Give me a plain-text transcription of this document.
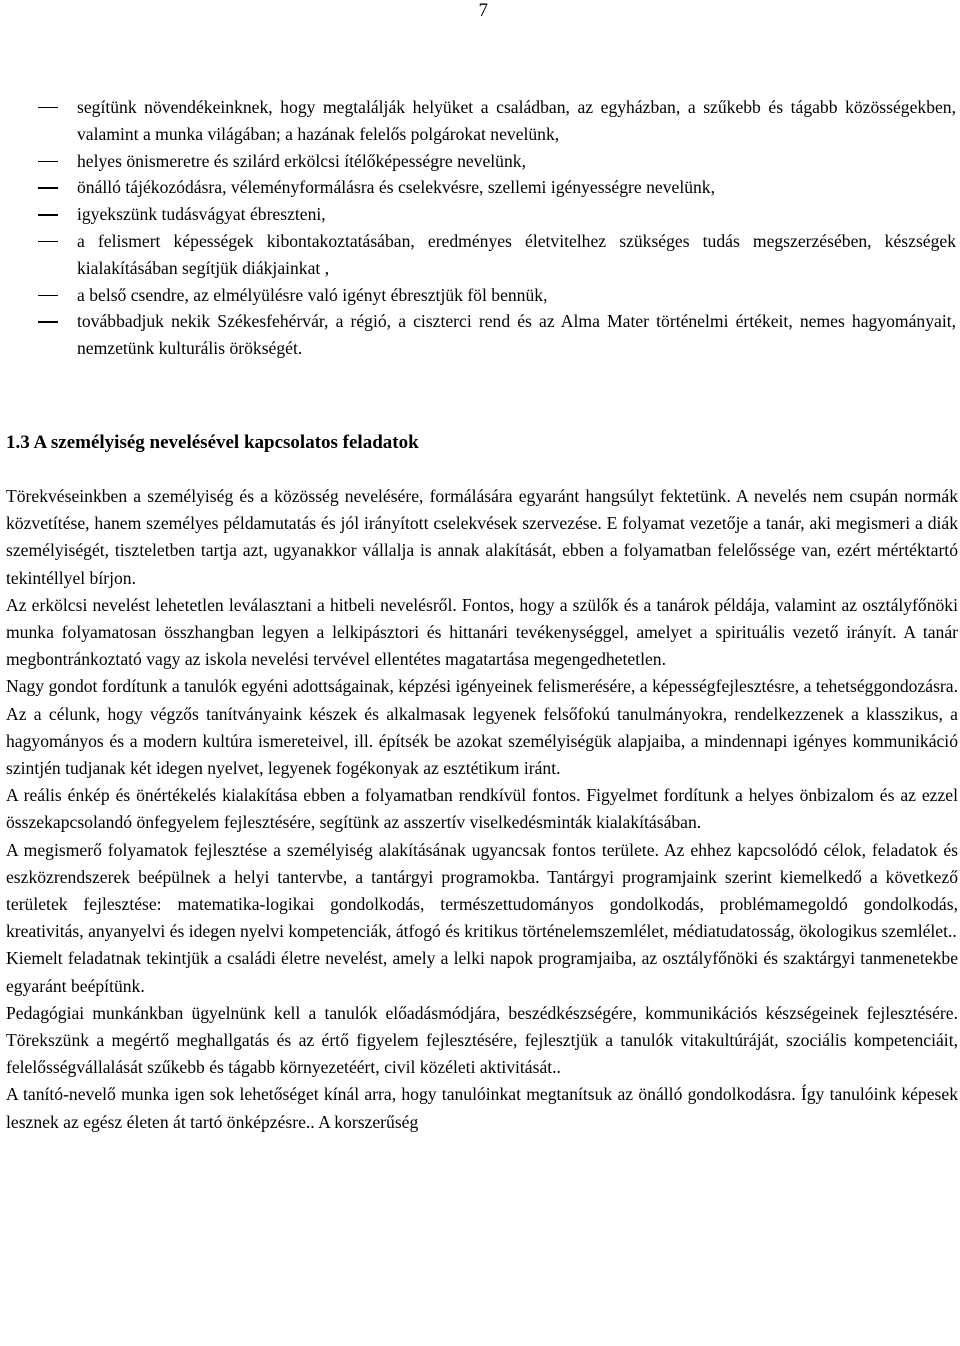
7
segítünk növendékeinknek, hogy megtalálják helyüket a családban, az egyházban, a szűkebb és tágabb közösségekben, valamint a munka világában; a hazának felelős polgárokat nevelünk,
helyes önismeretre és szilárd erkölcsi ítélőképességre nevelünk,
önálló tájékozódásra, véleményformálásra és cselekvésre, szellemi igényességre nevelünk,
igyekszünk tudásvágyat ébreszteni,
a felismert képességek kibontakoztatásában, eredményes életvitelhez szükséges tudás megszerzésében, készségek kialakításában segítjük diákjainkat ,
a belső csendre, az elmélyülésre való igényt ébresztjük föl bennük,
továbbadjuk nekik Székesfehérvár, a régió, a ciszterci rend és az Alma Mater történelmi értékeit, nemes hagyományait, nemzetünk kulturális örökségét.
1.3 A személyiség nevelésével kapcsolatos feladatok

Törekvéseinkben a személyiség és a közösség nevelésére, formálására egyaránt hangsúlyt fektetünk. A nevelés nem csupán normák közvetítése, hanem személyes példamutatás és jól irányított cselekvések szervezése. E folyamat vezetője a tanár, aki megismeri a diák személyiségét, tiszteletben tartja azt, ugyanakkor vállalja is annak alakítását, ebben a folyamatban felelőssége van, ezért mértéktartó tekintéllyel bírjon.

Az erkölcsi nevelést lehetetlen leválasztani a hitbeli nevelésről. Fontos, hogy a szülők és a tanárok példája, valamint az osztályfőnöki munka folyamatosan összhangban legyen a lelkipásztori és hittanári tevékenységgel, amelyet a spirituális vezető irányít. A tanár megbontránkoztató vagy az iskola nevelési tervével ellentétes magatartása megengedhetetlen.

Nagy gondot fordítunk a tanulók egyéni adottságainak, képzési igényeinek felismerésére, a képességfejlesztésre, a tehetséggondozásra. Az a célunk, hogy végzős tanítványaink készek és alkalmasak legyenek felsőfokú tanulmányokra, rendelkezzenek a klasszikus, a hagyományos és a modern kultúra ismereteivel, ill. építsék be azokat személyiségük alapjaiba, a mindennapi igényes kommunikáció szintjén tudjanak két idegen nyelvet, legyenek fogékonyak az esztétikum iránt.

A reális énkép és önértékelés kialakítása ebben a folyamatban rendkívül fontos. Figyelmet fordítunk a helyes önbizalom és az ezzel összekapcsolandó önfegyelem fejlesztésére, segítünk az asszertív viselkedésminták kialakításában.

A megismerő folyamatok fejlesztése a személyiség alakításának ugyancsak fontos területe. Az ehhez kapcsolódó célok, feladatok és eszközrendszerek beépülnek a helyi tantervbe, a tantárgyi programokba. Tantárgyi programjaink szerint kiemelkedő a következő területek fejlesztése: matematika-logikai gondolkodás, természettudományos gondolkodás, problémamegoldó gondolkodás, kreativitás, anyanyelvi és idegen nyelvi kompetenciák, átfogó és kritikus történelemszemlélet, médiatudatosság, ökologikus szemlélet..

Kiemelt feladatnak tekintjük a családi életre nevelést, amely a lelki napok programjaiba, az osztályfőnöki és szaktárgyi tanmenetekbe egyaránt beépítünk.

Pedagógiai munkánkban ügyelnünk kell a tanulók előadásmódjára, beszédkészségére, kommunikációs készségeinek fejlesztésére. Törekszünk a megértő meghallgatás és az értő figyelem fejlesztésére, fejlesztjük a tanulók vitakultúráját, szociális kompetenciáit, felelősségvállalását szűkebb és tágabb környezetéért, civil közéleti aktivitását..

A tanító-nevelő munka igen sok lehetőséget kínál arra, hogy tanulóinkat megtanítsuk az önálló gondolkodásra. Így tanulóink képesek lesznek az egész életen át tartó önképzésre.. A korszerűség
